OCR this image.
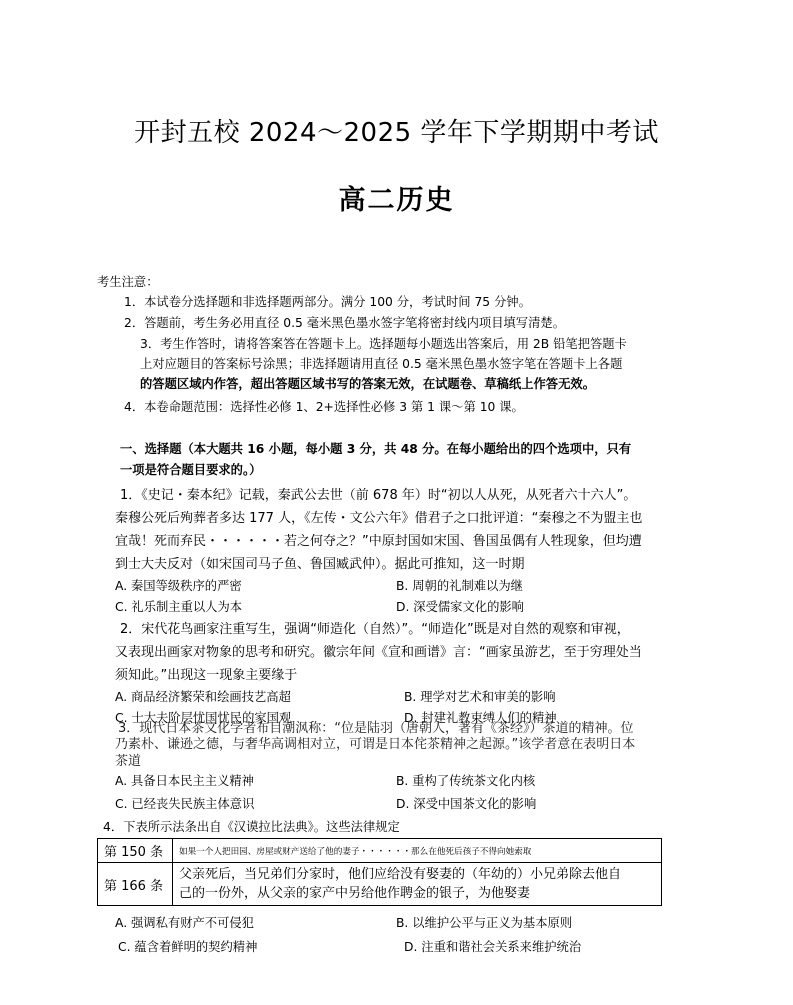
开封五校 2024～2025 学年下学期期中考试
高二历史
考生注意：
1．本试卷分选择题和非选择题两部分。满分 100 分，考试时间 75 分钟。
2．答题前，考生务必用直径 0.5 毫米黑色墨水签字笔将密封线内项目填写清楚。
3．考生作答时，请将答案答在答题卡上。选择题每小题选出答案后，用 2B 铅笔把答题卡
上对应题目的答案标号涂黑；非选择题请用直径 0.5 毫米黑色墨水签字笔在答题卡上各题
的答题区域内作答，超出答题区域书写的答案无效，在试题卷、草稿纸上作答无效。
4．本卷命题范围：选择性必修 1、2+选择性必修 3 第 1 课～第 10 课。
一、选择题（本大题共 16 小题，每小题 3 分，共 48 分。在每小题给出的四个选项中，只有
一项是符合题目要求的。）
1．《史记・秦本纪》记载，秦武公去世（前 678 年）时“初以人从死，从死者六十六人”。
秦穆公死后殉葬者多达 177 人，《左传・文公六年》借君子之口批评道：“秦穆之不为盟主也
宜哉！死而弃民・・・・・・若之何夺之？”中原封国如宋国、鲁国虽偶有人牲现象，但均遭
到士大夫反对（如宋国司马子鱼、鲁国臧武仲）。据此可推知，这一时期
A. 秦国等级秩序的严密	B. 周朝的礼制难以为继
C. 礼乐制主重以人为本	D. 深受儒家文化的影响
2．宋代花鸟画家注重写生，强调“师造化（自然）”。“师造化”既是对自然的观察和审视，
又表现出画家对物象的思考和研究。徽宗年间《宣和画谱》言：“画家虽游艺，至于穷理处当
须知此。”出现这一现象主要缘于
A. 商品经济繁荣和绘画技艺高超	B. 理学对艺术和审美的影响
C. 士大夫阶层忧国忧民的家国观	D. 封建礼教束缚人们的精神
3．现代日本茶文化学者布目潮沨称：“位是陆羽（唐朝人，著有《茶经》）茶道的精神。位
乃素朴、谦逊之德，与奢华高调相对立，可谓是日本侘茶精神之起源。”该学者意在表明日本
茶道
A. 具备日本民主主义精神	B. 重构了传统茶文化内核
C. 已经丧失民族主体意识	D. 深受中国茶文化的影响
4．下表所示法条出自《汉谟拉比法典》。这些法律规定
第 150 条	如果一个人把田园、房屋或财产送给了他的妻子・・・・・・那么在他死后孩子不得向她索取
第 166 条	父亲死后，当兄弟们分家时，他们应给没有娶妻的（年幼的）小兄弟除去他自
己的一份外，从父亲的家产中另给他作聘金的银子，为他娶妻
A. 强调私有财产不可侵犯	B. 以维护公平与正义为基本原则
C. 蕴含着鲜明的契约精神	D. 注重和谐社会关系来维护统治
